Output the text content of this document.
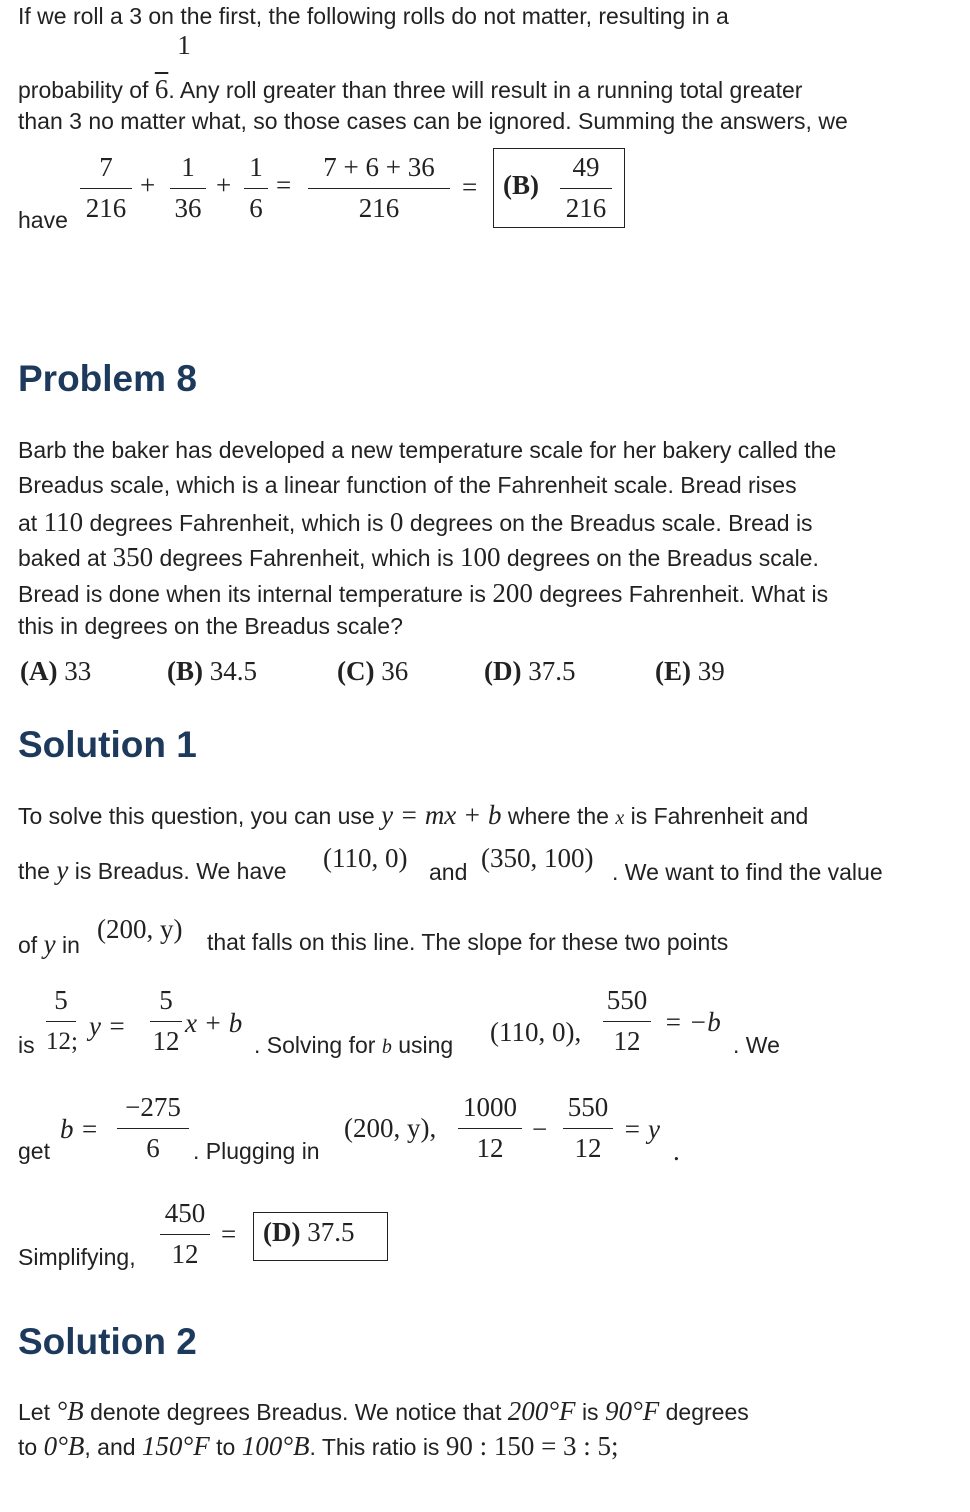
If we roll a 3 on the first, the following rolls do not matter, resulting in a
1
probability of 6. Any roll greater than three will result in a running total greater
than 3 no matter what, so those cases can be ignored. Summing the answers, we
have
7
216
+
1
36
+
1
6
=
7 + 6 + 36
216
= (B)
49
216
Problem 8
Barb the baker has developed a new temperature scale for her bakery called the
Breadus scale, which is a linear function of the Fahrenheit scale. Bread rises
at 110 degrees Fahrenheit, which is 0 degrees on the Breadus scale. Bread is
baked at 350 degrees Fahrenheit, which is 100 degrees on the Breadus scale.
Bread is done when its internal temperature is 200 degrees Fahrenheit. What is
this in degrees on the Breadus scale?
(A) 33	(B) 34.5	(C) 36	(D) 37.5	(E) 39
Solution 1
To solve this question, you can use y = mx + b where the x is Fahrenheit and
the y is Breadus. We have (110, 0) and (350, 100) . We want to find the value
of y in
(200, y) that falls on this line. The slope for these two points
is
5
12;
y =
5
12
x + b
. Solving for b using (110, 0),
550
12
= −b
. We
get
b =
−275
6	. Plugging in
(200, y),
1000
12
−
550
12
= y
.
Simplifying,
450
12
= (D) 37.5
Solution 2
Let °B denote degrees Breadus. We notice that 200°F is 90°F degrees
to 0°B, and 150°F to 100°B. This ratio is 90 : 150 = 3 : 5;
